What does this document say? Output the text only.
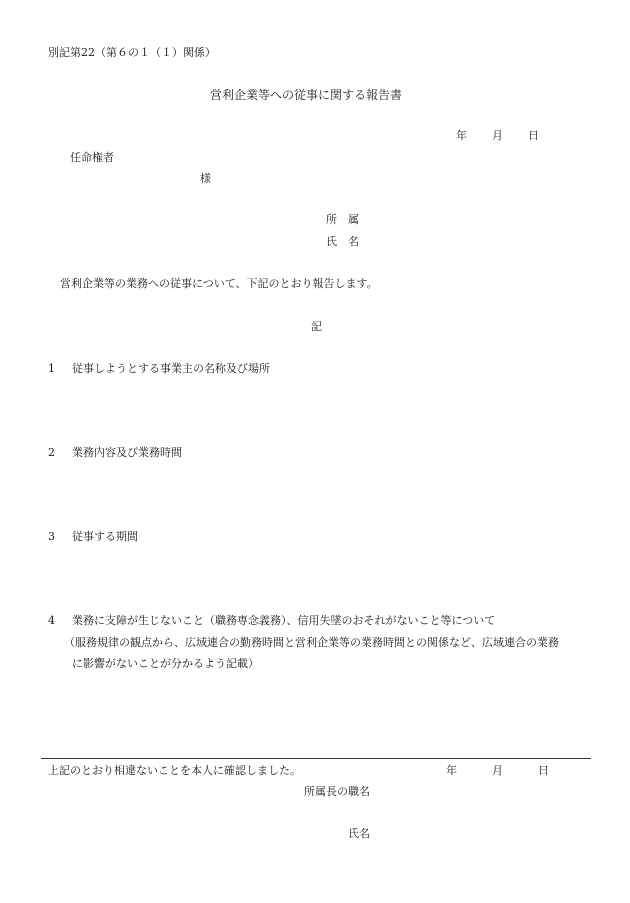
別記第22（第６の１（１）関係）
営利企業等への従事に関する報告書
年 月 日
任命権者
様
所　属
氏　名
営利企業等の業務への従事について、下記のとおり報告します。
記
1 従事しようとする事業主の名称及び場所
2 業務内容及び業務時間
3 従事する期間
4 業務に支障が生じないこと（職務専念義務）、信用失墜のおそれがないこと等について
（服務規律の観点から、広域連合の勤務時間と営利企業等の業務時間との関係など、広域連合の業務
に影響がないことが分かるよう記載）
上記のとおり相違ないことを本人に確認しました。	年	月	日
所属長の職名
氏名
